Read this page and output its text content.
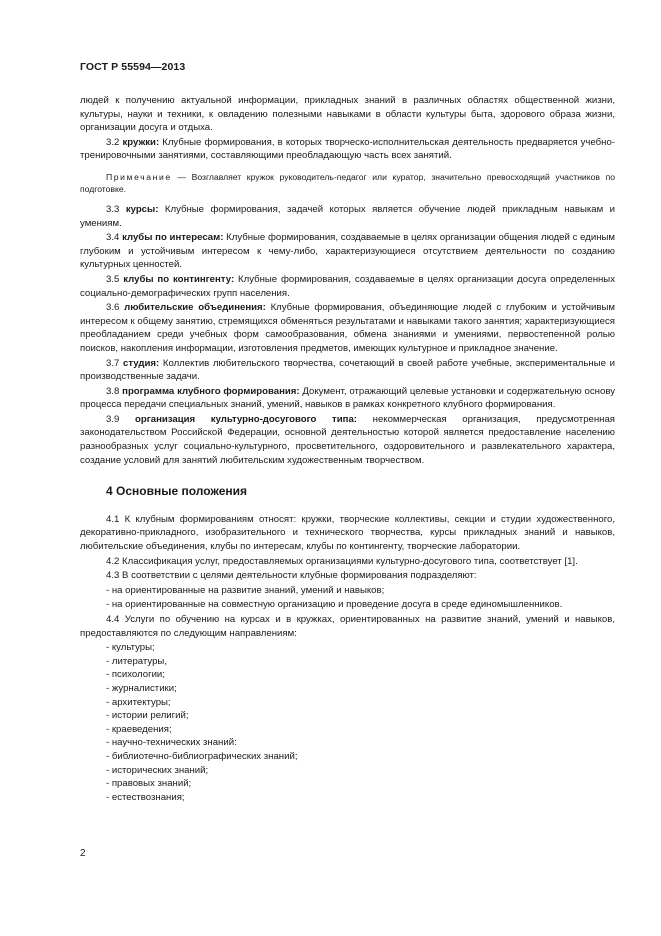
ГОСТ Р 55594—2013

людей к получению актуальной информации, прикладных знаний в различных областях общественной жизни, культуры, науки и техники, к овладению полезными навыками в области культуры быта, здорового образа жизни, организации досуга и отдыха.

3.2 кружки: Клубные формирования, в которых творческо-исполнительская деятельность предваряется учебно-тренировочными занятиями, составляющими преобладающую часть всех занятий.

Примечание — Возглавляет кружок руководитель-педагог или куратор, значительно превосходящий участников по подготовке.

3.3 курсы: Клубные формирования, задачей которых является обучение людей прикладным навыкам и умениям.

3.4 клубы по интересам: Клубные формирования, создаваемые в целях организации общения людей с единым глубоким и устойчивым интересом к чему-либо, характеризующиеся отсутствием деятельности по созданию культурных ценностей.

3.5 клубы по контингенту: Клубные формирования, создаваемые в целях организации досуга определенных социально-демографических групп населения.

3.6 любительские объединения: Клубные формирования, объединяющие людей с глубоким и устойчивым интересом к общему занятию, стремящихся обменяться результатами и навыками такого занятия; характеризующиеся преобладанием среди учебных форм самообразования, обмена знаниями и умениями, первостепенной ролью поисков, накопления информации, изготовления предметов, имеющих культурное и прикладное значение.

3.7 студия: Коллектив любительского творчества, сочетающий в своей работе учебные, экспериментальные и производственные задачи.

3.8 программа клубного формирования: Документ, отражающий целевые установки и содержательную основу процесса передачи специальных знаний, умений, навыков в рамках конкретного клубного формирования.

3.9 организация культурно-досугового типа: некоммерческая организация, предусмотренная законодательством Российской Федерации, основной деятельностью которой является предоставление населению разнообразных услуг социально-культурного, просветительного, оздоровительного и развлекательного характера, создание условий для занятий любительским художественным творчеством.

4 Основные положения

4.1 К клубным формированиям относят: кружки, творческие коллективы, секции и студии художественного, декоративно-прикладного, изобразительного и технического творчества, курсы прикладных знаний и навыков, любительские объединения, клубы по интересам, клубы по контингенту, творческие лаборатории.

4.2 Классификация услуг, предоставляемых организациями культурно-досугового типа, соответствует [1].

4.3 В соответствии с целями деятельности клубные формирования подразделяют:

- на ориентированные на развитие знаний, умений и навыков;

- на ориентированные на совместную организацию и проведение досуга в среде единомышленников.

4.4 Услуги по обучению на курсах и в кружках, ориентированных на развитие знаний, умений и навыков, предоставляются по следующим направлениям:

- культуры;

- литературы,

- психологии;

- журналистики;

- архитектуры;

- истории религий;

- краеведения;

- научно-технических знаний:

- библиотечно-библиографических знаний;

- исторических знаний;

- правовых знаний;

- естествознания;

2
